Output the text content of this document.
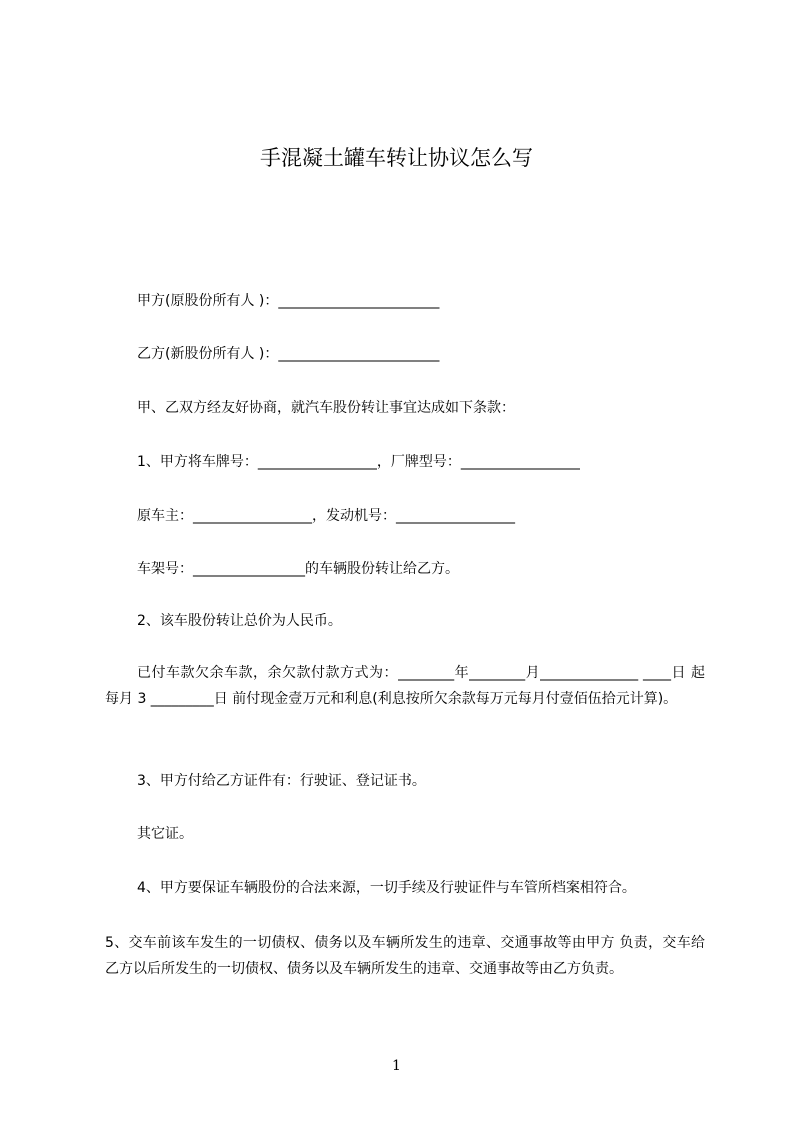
手混凝土罐车转让协议怎么写
甲方(原股份所有人 )：_______________________
乙方(新股份所有人 )：_______________________
甲、乙双方经友好协商，就汽车股份转让事宜达成如下条款：
1、甲方将车牌号：_________________，厂牌型号：_________________
原车主：_________________，发动机号：_________________
车架号：________________的车辆股份转让给乙方。
2、该车股份转让总价为人民币。

已付车款欠余车款，余欠款付款方式为：________年________月______________ ____日 起每月 3 _________日 前付现金壹万元和利息(利息按所欠余款每万元每月付壹佰伍拾元计算)。

3、甲方付给乙方证件有：行驶证、登记证书。
其它证。
4、甲方要保证车辆股份的合法来源，一切手续及行驶证件与车管所档案相符合。

5、交车前该车发生的一切债权、债务以及车辆所发生的违章、交通事故等由甲方 负责，交车给乙方以后所发生的一切债权、债务以及车辆所发生的违章、交通事故等由乙方负责。

1
